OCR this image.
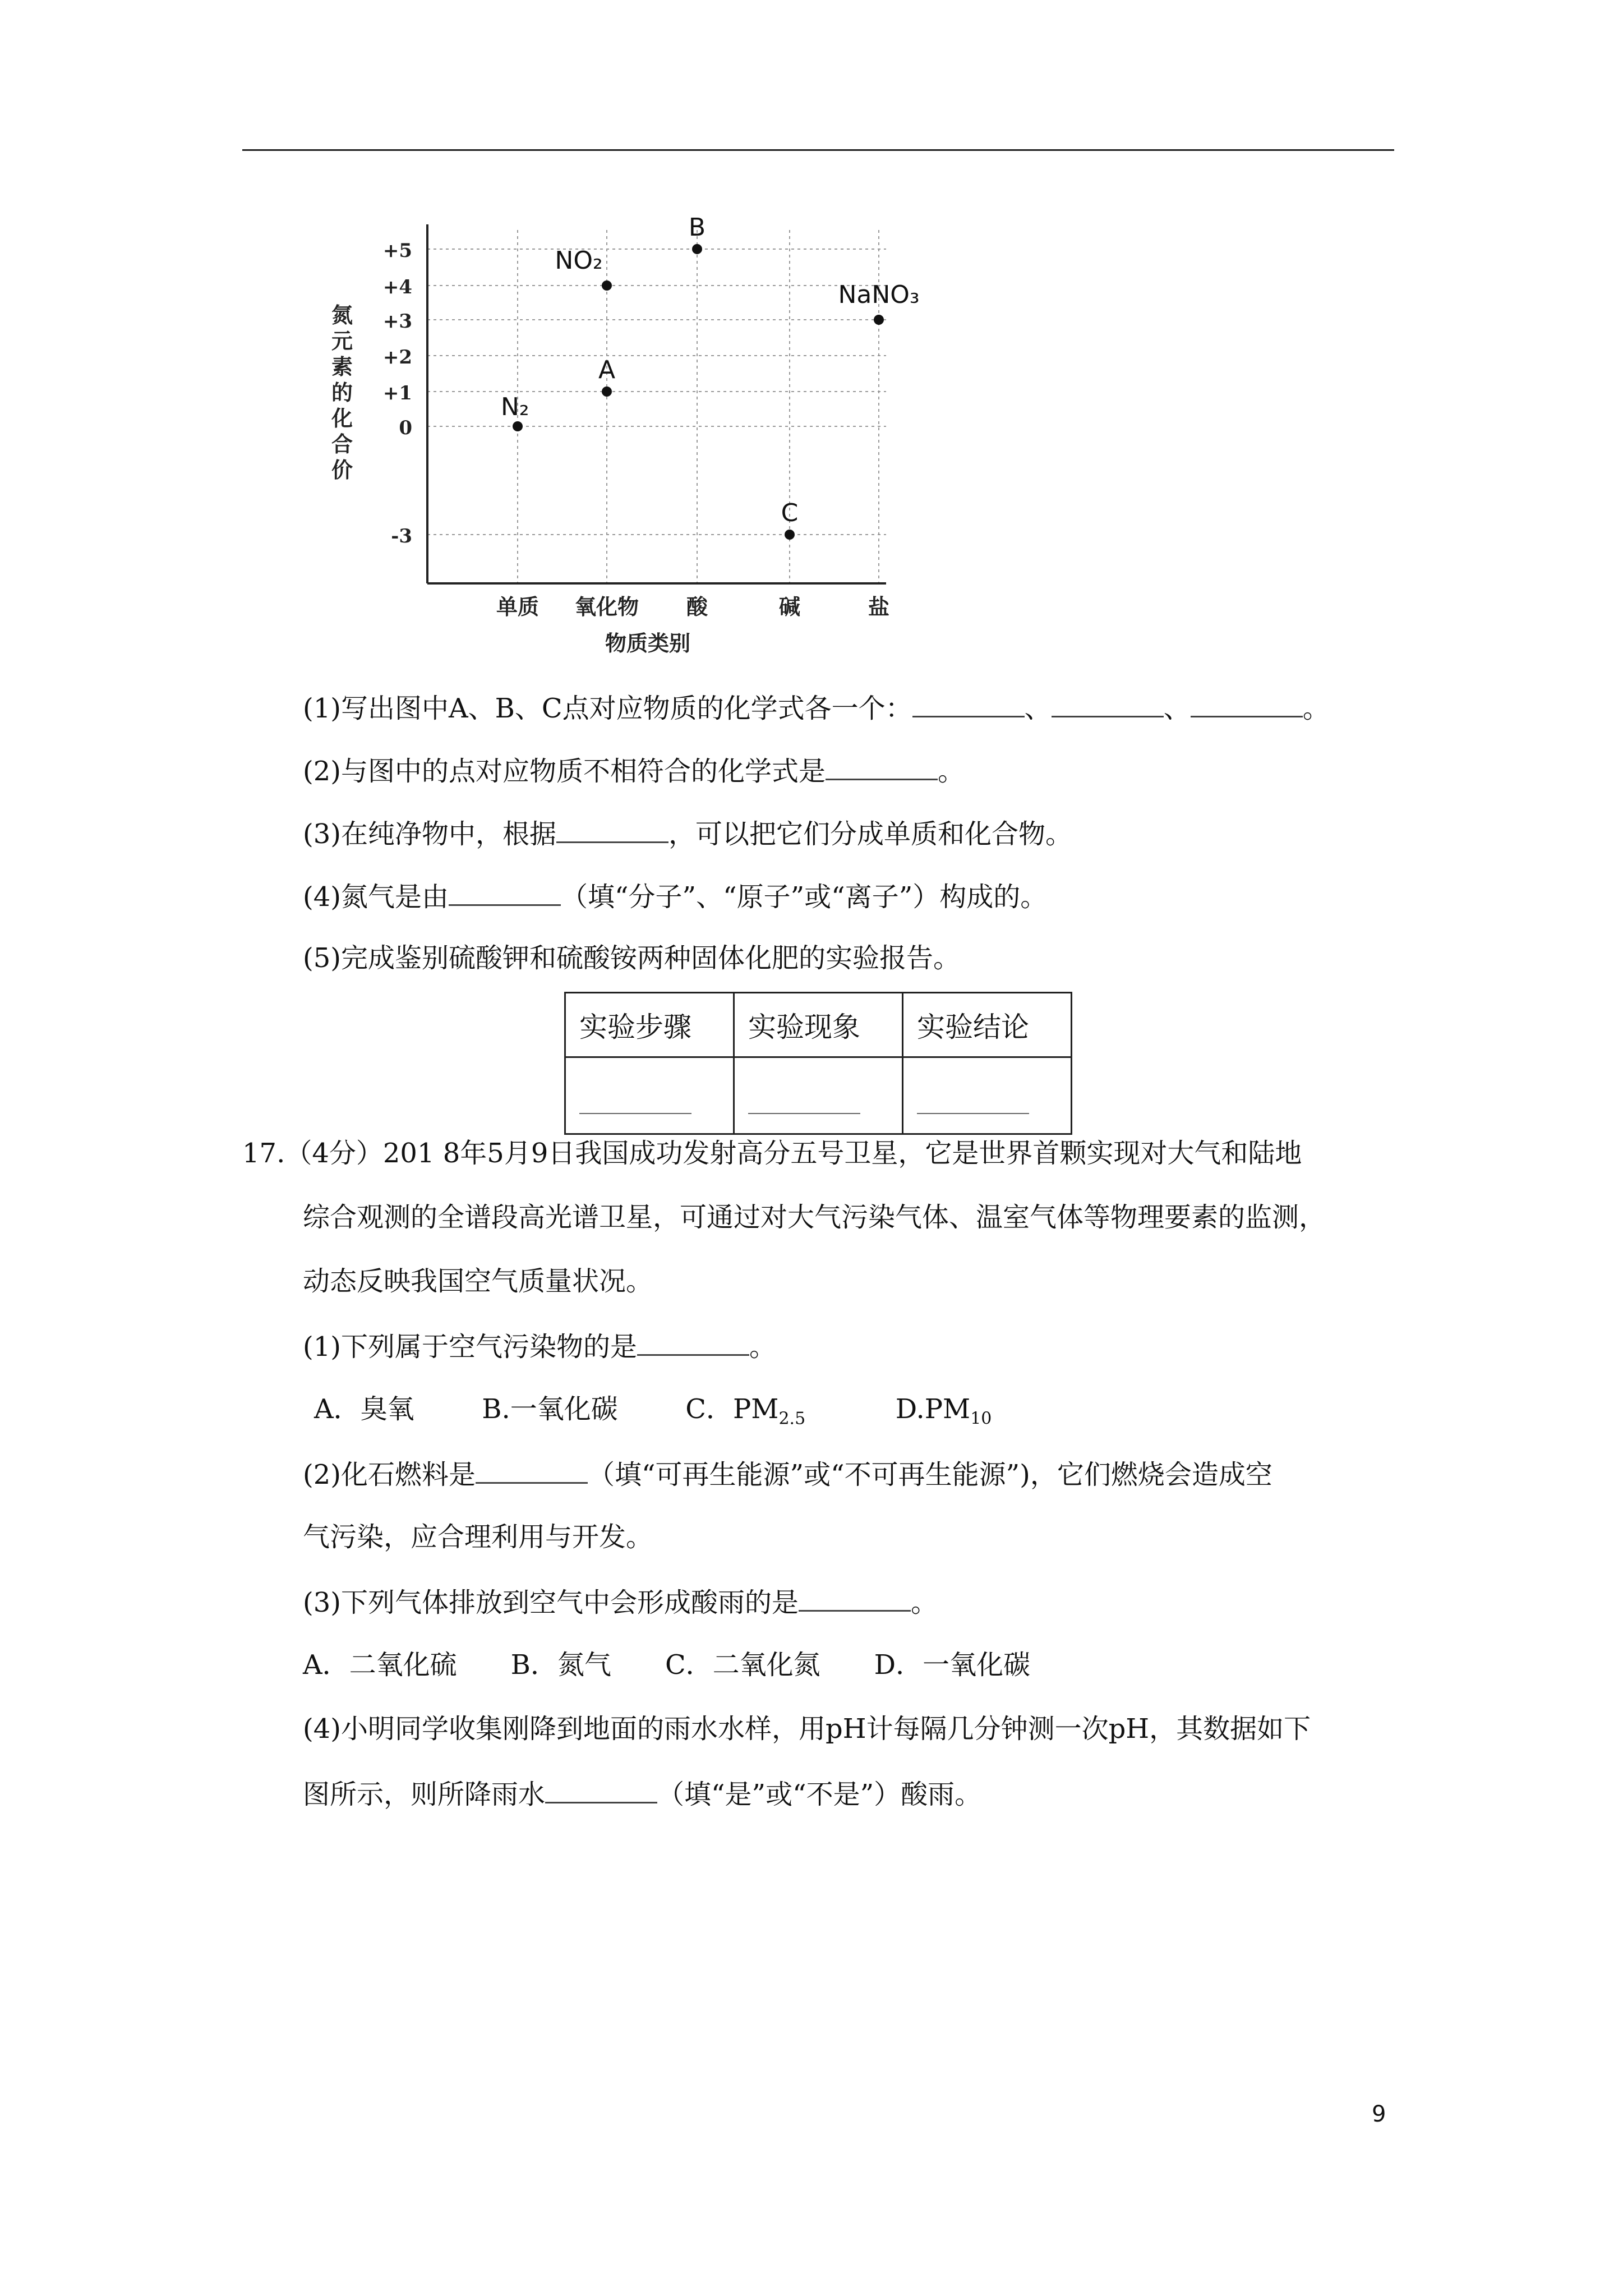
+5
+4
+3
+2
+1
0
-3
单质 氧化物 酸	碱	盐
N₂
NO₂
A
B
C
NaNO₃
氮元素的化合价
物质类别
(1)写出图中A、B、C点对应物质的化学式各一个：	、	、	。
(2)与图中的点对应物质不相符合的化学式是	。
(3)在纯净物中，根据	，可以把它们分成单质和化合物。
(4)氮气是由	（填“分子”、“原子”或“离子”）构成的。
(5)完成鉴别硫酸钾和硫酸铵两种固体化肥的实验报告。
实验步骤	实验现象	实验结论

17.（4分）201 8年5月9日我国成功发射高分五号卫星，它是世界首颗实现对大气和陆地
综合观测的全谱段高光谱卫星，可通过对大气污染气体、温室气体等物理要素的监测，
动态反映我国空气质量状况。
(1)下列属于空气污染物的是	。
A．臭氧	B.一氧化碳	C．$PM_{2.5}$	$D.PM_{10}$
(2)化石燃料是	（填“可再生能源”或“不可再生能源”)，它们燃烧会造成空
气污染，应合理利用与开发。
(3)下列气体排放到空气中会形成酸雨的是	。
A．二氧化硫　　B．氮气　　C．二氧化氮　　D．一氧化碳
(4)小明同学收集刚降到地面的雨水水样，用pH计每隔几分钟测一次pH，其数据如下
图所示，则所降雨水	（填“是”或“不是”）酸雨。
9
